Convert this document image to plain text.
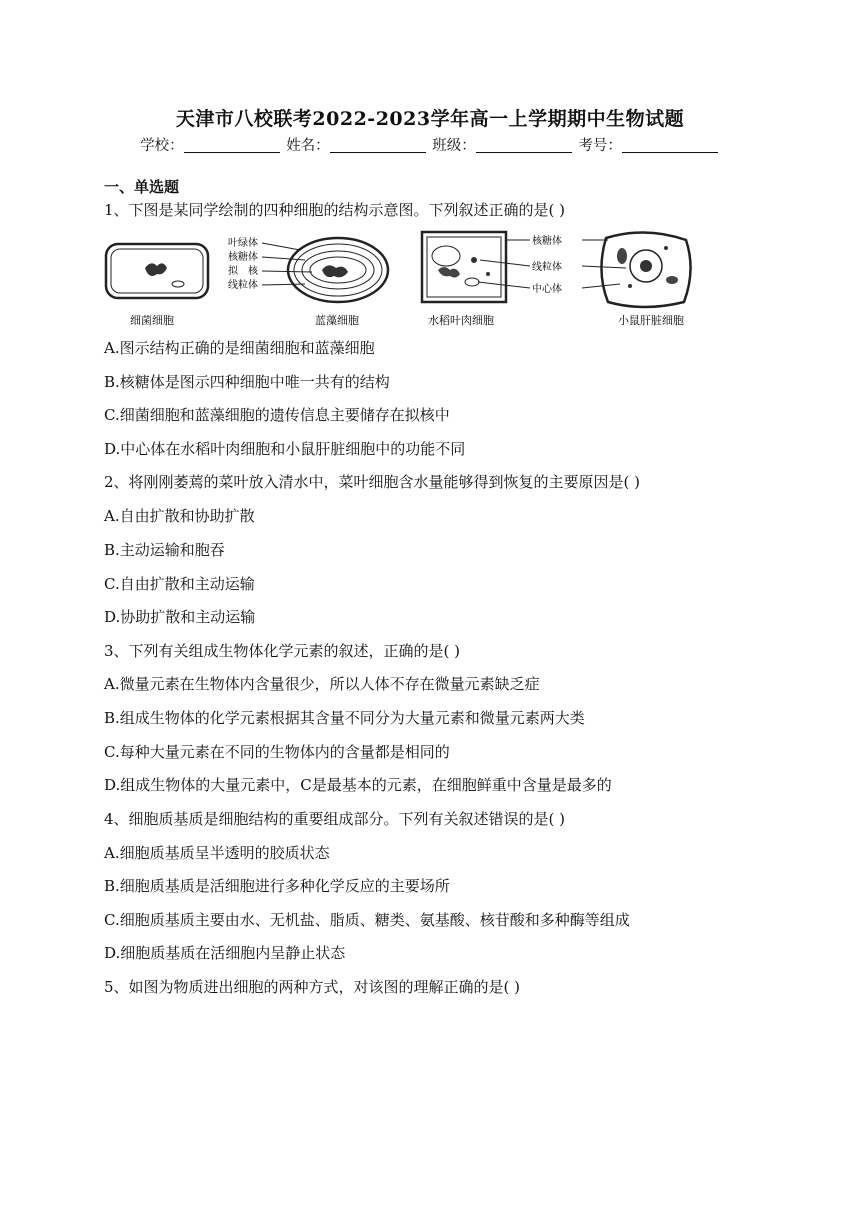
天津市八校联考2022-2023学年高一上学期期中生物试题
学校：	姓名：	班级：	考号：
一、单选题
1、下图是某同学绘制的四种细胞的结构示意图。下列叙述正确的是( )
叶绿体
核糖体
拟　核
线粒体
核糖体
线粒体
中心体
细菌细胞	蓝藻细胞	水稻叶肉细胞	小鼠肝脏细胞
A.图示结构正确的是细菌细胞和蓝藻细胞
B.核糖体是图示四种细胞中唯一共有的结构
C.细菌细胞和蓝藻细胞的遗传信息主要储存在拟核中
D.中心体在水稻叶肉细胞和小鼠肝脏细胞中的功能不同
2、将刚刚萎蔫的菜叶放入清水中，菜叶细胞含水量能够得到恢复的主要原因是( )
A.自由扩散和协助扩散
B.主动运输和胞吞
C.自由扩散和主动运输
D.协助扩散和主动运输
3、下列有关组成生物体化学元素的叙述，正确的是( )
A.微量元素在生物体内含量很少，所以人体不存在微量元素缺乏症
B.组成生物体的化学元素根据其含量不同分为大量元素和微量元素两大类
C.每种大量元素在不同的生物体内的含量都是相同的
D.组成生物体的大量元素中，C是最基本的元素，在细胞鲜重中含量是最多的
4、细胞质基质是细胞结构的重要组成部分。下列有关叙述错误的是( )
A.细胞质基质呈半透明的胶质状态
B.细胞质基质是活细胞进行多种化学反应的主要场所
C.细胞质基质主要由水、无机盐、脂质、糖类、氨基酸、核苷酸和多种酶等组成
D.细胞质基质在活细胞内呈静止状态
5、如图为物质进出细胞的两种方式，对该图的理解正确的是( )
